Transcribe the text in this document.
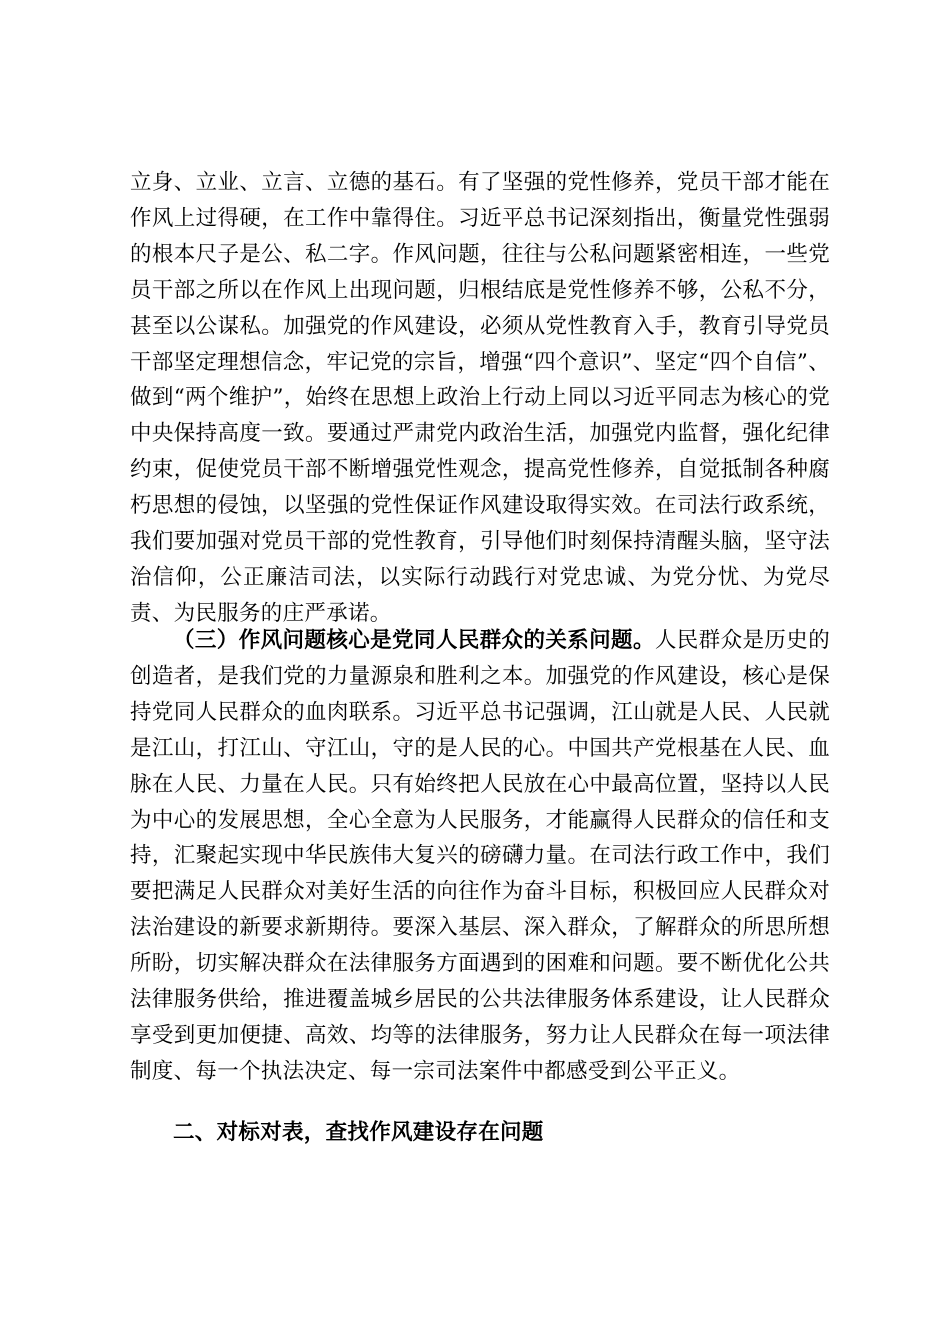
立身、立业、立言、立德的基石。有了坚强的党性修养，党员干部才能在作风上过得硬，在工作中靠得住。习近平总书记深刻指出，衡量党性强弱的根本尺子是公、私二字。作风问题，往往与公私问题紧密相连，一些党员干部之所以在作风上出现问题，归根结底是党性修养不够，公私不分，甚至以公谋私。加强党的作风建设，必须从党性教育入手，教育引导党员干部坚定理想信念，牢记党的宗旨，增强“四个意识”、坚定“四个自信”、做到“两个维护”，始终在思想上政治上行动上同以习近平同志为核心的党中央保持高度一致。要通过严肃党内政治生活，加强党内监督，强化纪律约束，促使党员干部不断增强党性观念，提高党性修养，自觉抵制各种腐朽思想的侵蚀，以坚强的党性保证作风建设取得实效。在司法行政系统，我们要加强对党员干部的党性教育，引导他们时刻保持清醒头脑，坚守法治信仰，公正廉洁司法，以实际行动践行对党忠诚、为党分忧、为党尽责、为民服务的庄严承诺。

（三）作风问题核心是党同人民群众的关系问题。人民群众是历史的创造者，是我们党的力量源泉和胜利之本。加强党的作风建设，核心是保持党同人民群众的血肉联系。习近平总书记强调，江山就是人民、人民就是江山，打江山、守江山，守的是人民的心。中国共产党根基在人民、血脉在人民、力量在人民。只有始终把人民放在心中最高位置，坚持以人民为中心的发展思想，全心全意为人民服务，才能赢得人民群众的信任和支持，汇聚起实现中华民族伟大复兴的磅礴力量。在司法行政工作中，我们要把满足人民群众对美好生活的向往作为奋斗目标，积极回应人民群众对法治建设的新要求新期待。要深入基层、深入群众，了解群众的所思所想所盼，切实解决群众在法律服务方面遇到的困难和问题。要不断优化公共法律服务供给，推进覆盖城乡居民的公共法律服务体系建设，让人民群众享受到更加便捷、高效、均等的法律服务，努力让人民群众在每一项法律制度、每一个执法决定、每一宗司法案件中都感受到公平正义。

二、对标对表，查找作风建设存在问题
